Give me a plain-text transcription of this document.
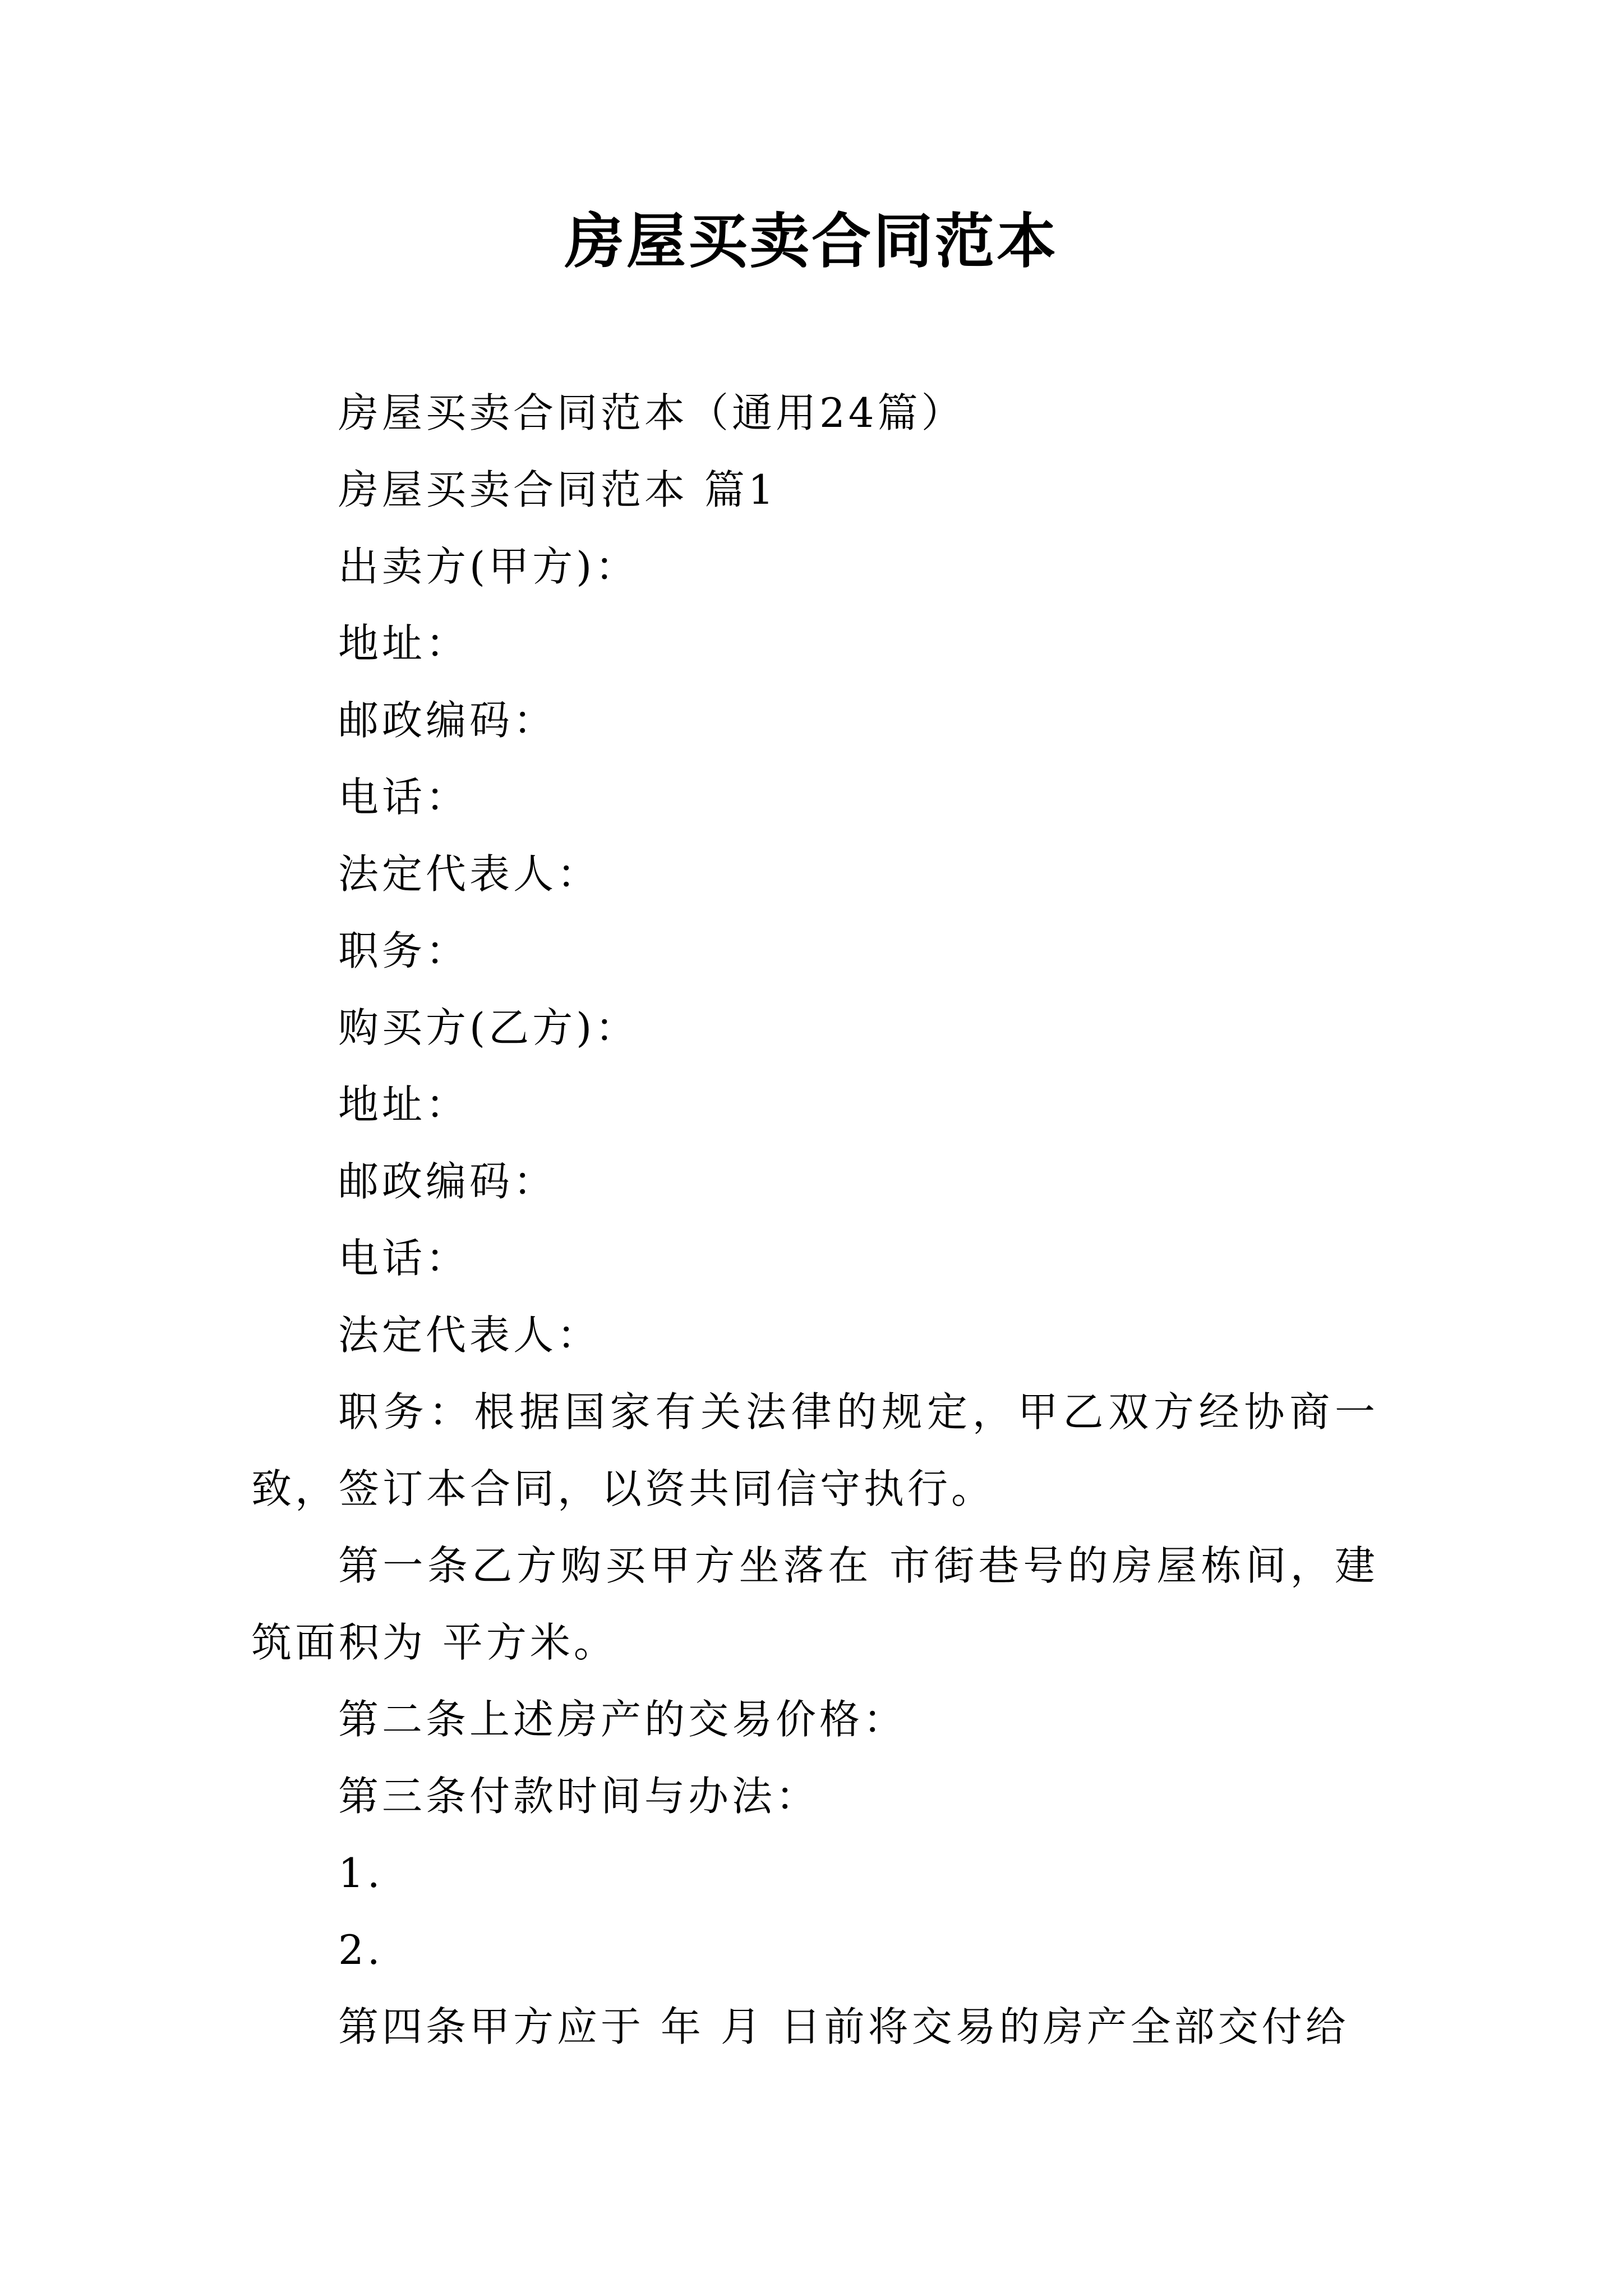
房屋买卖合同范本
房屋买卖合同范本（通用24篇）
房屋买卖合同范本 篇1
出卖方(甲方)：
地址：
邮政编码：
电话：
法定代表人：
职务：
购买方(乙方)：
地址：
邮政编码：
电话：
法定代表人：
职务：根据国家有关法律的规定，甲乙双方经协商一致，签订本合同，以资共同信守执行。
第一条乙方购买甲方坐落在 市街巷号的房屋栋间，建筑面积为 平方米。
第二条上述房产的交易价格：
第三条付款时间与办法：
1.
2.
第四条甲方应于 年 月 日前将交易的房产全部交付给
